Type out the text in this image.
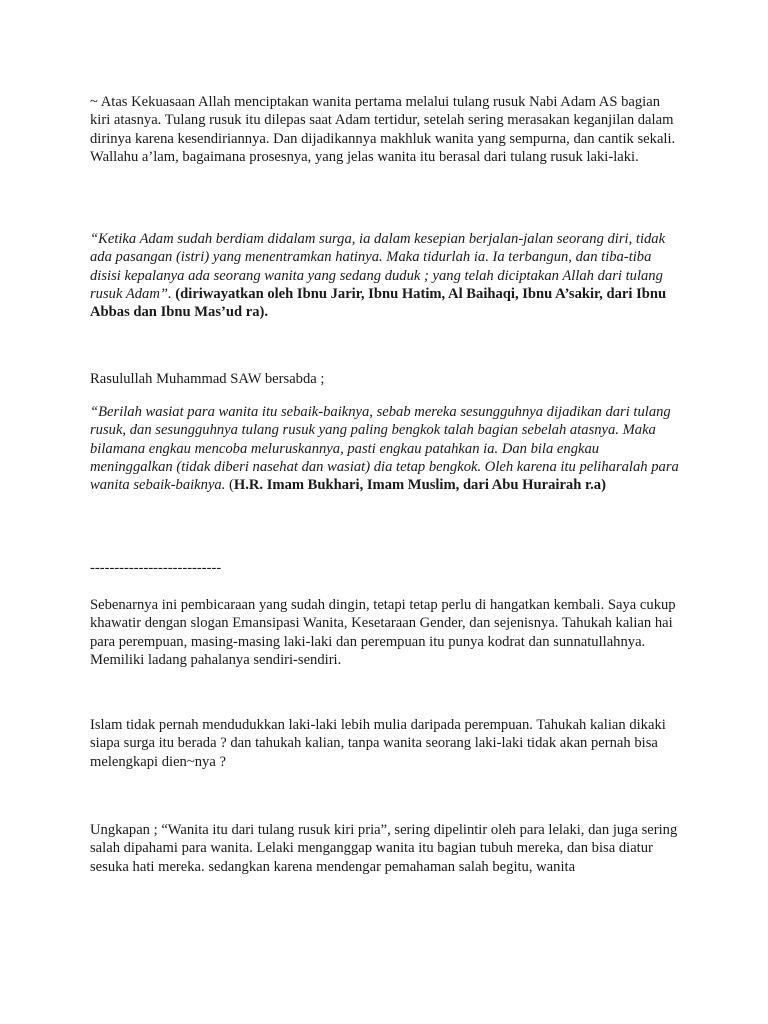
~ Atas Kekuasaan Allah menciptakan wanita pertama melalui tulang rusuk Nabi Adam AS bagian kiri atasnya. Tulang rusuk itu dilepas saat Adam tertidur, setelah sering merasakan keganjilan dalam dirinya karena kesendiriannya. Dan dijadikannya makhluk wanita yang sempurna, dan cantik sekali. Wallahu a’lam, bagaimana prosesnya, yang jelas wanita itu berasal dari tulang rusuk laki-laki.

“Ketika Adam sudah berdiam didalam surga, ia dalam kesepian berjalan-jalan seorang diri, tidak ada pasangan (istri) yang menentramkan hatinya. Maka tidurlah ia. Ia terbangun, dan tiba-tiba disisi kepalanya ada seorang wanita yang sedang duduk ; yang telah diciptakan Allah dari tulang rusuk Adam”. (diriwayatkan oleh Ibnu Jarir, Ibnu Hatim, Al Baihaqi, Ibnu A’sakir, dari Ibnu Abbas dan Ibnu Mas’ud ra).

Rasulullah Muhammad SAW bersabda ;

“Berilah wasiat para wanita itu sebaik-baiknya, sebab mereka sesungguhnya dijadikan dari tulang rusuk, dan sesungguhnya tulang rusuk yang paling bengkok talah bagian sebelah atasnya. Maka bilamana engkau mencoba meluruskannya, pasti engkau patahkan ia. Dan bila engkau meninggalkan (tidak diberi nasehat dan wasiat) dia tetap bengkok. Oleh karena itu peliharalah para wanita sebaik-baiknya. (H.R. Imam Bukhari, Imam Muslim, dari Abu Hurairah r.a)

---------------------------

Sebenarnya ini pembicaraan yang sudah dingin, tetapi tetap perlu di hangatkan kembali. Saya cukup khawatir dengan slogan Emansipasi Wanita, Kesetaraan Gender, dan sejenisnya. Tahukah kalian hai para perempuan, masing-masing laki-laki dan perempuan itu punya kodrat dan sunnatullahnya. Memiliki ladang pahalanya sendiri-sendiri.

Islam tidak pernah mendudukkan laki-laki lebih mulia daripada perempuan. Tahukah kalian dikaki siapa surga itu berada ? dan tahukah kalian, tanpa wanita seorang laki-laki tidak akan pernah bisa melengkapi dien~nya ?

Ungkapan ; “Wanita itu dari tulang rusuk kiri pria”, sering dipelintir oleh para lelaki, dan juga sering salah dipahami para wanita. Lelaki menganggap wanita itu bagian tubuh mereka, dan bisa diatur sesuka hati mereka. sedangkan karena mendengar pemahaman salah begitu, wanita
